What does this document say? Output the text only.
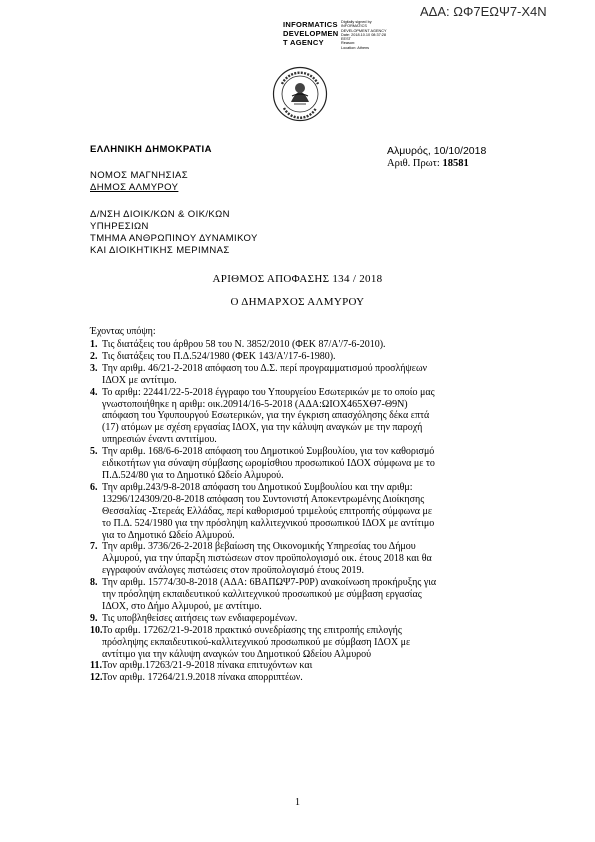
ΑΔΑ: ΩΦ7ΕΩΨ7-Χ4Ν
INFORMATICS
DEVELOPMEN
T AGENCY
Digitally signed by
INFORMATICS
DEVELOPMENT AGENCY
Date: 2018.10.10 08:37:28
EEST
Reason:
Location: Athens
ΕΛΛΗΝΙΚΗ ΔΗΜΟΚΡΑΤΙΑ	Αλμυρός, 10/10/2018
Αριθ. Πρωτ: 18581
ΝΟΜΟΣ ΜΑΓΝΗΣΙΑΣ
ΔΗΜΟΣ ΑΛΜΥΡΟΥ
Δ/ΝΣΗ ΔΙΟΙΚ/ΚΩΝ & ΟΙΚ/ΚΩΝ
ΥΠΗΡΕΣΙΩΝ
ΤΜΗΜΑ ΑΝΘΡΩΠΙΝΟΥ ΔΥΝΑΜΙΚΟΥ
ΚΑΙ ΔΙΟΙΚΗΤΙΚΗΣ ΜΕΡΙΜΝΑΣ
ΑΡΙΘΜΟΣ ΑΠΟΦΑΣΗΣ 134 / 2018
Ο ΔΗΜΑΡΧΟΣ ΑΛΜΥΡΟΥ
Έχοντας υπόψη:
1. Τις διατάξεις του άρθρου 58 του Ν. 3852/2010 (ΦΕΚ 87/Α'/7-6-2010).
2. Τις διατάξεις του Π.Δ.524/1980 (ΦΕΚ 143/Α'/17-6-1980).
3. Την αριθμ. 46/21-2-2018 απόφαση του Δ.Σ. περί προγραμματισμού προσλήψεων
ΙΔΟΧ με αντίτιμο.
4. Το αριθμ: 22441/22-5-2018 έγγραφο του Υπουργείου Εσωτερικών με το οποίο μας
γνωστοποιήθηκε η αριθμ: οικ.20914/16-5-2018 (ΑΔΑ:ΩΙΟΧ465ΧΘ7-Θ9Ν)
απόφαση του Υφυπουργού Εσωτερικών, για την έγκριση απασχόλησης δέκα επτά
(17) ατόμων με σχέση εργασίας ΙΔΟΧ, για την κάλυψη αναγκών με την παροχή
υπηρεσιών έναντι αντιτίμου.
5. Την αριθμ. 168/6-6-2018 απόφαση του Δημοτικού Συμβουλίου, για τον καθορισμό
ειδικοτήτων για σύναψη σύμβασης ωρομίσθιου προσωπικού ΙΔΟΧ σύμφωνα με το
Π.Δ.524/80 για το Δημοτικό Ωδείο Αλμυρού.
6. Την αριθμ.243/9-8-2018 απόφαση του Δημοτικού Συμβουλίου και την αριθμ:
13296/124309/20-8-2018 απόφαση του Συντονιστή Αποκεντρωμένης Διοίκησης
Θεσσαλίας -Στερεάς Ελλάδας, περί καθορισμού τριμελούς επιτροπής σύμφωνα με
το Π.Δ. 524/1980 για την πρόσληψη καλλιτεχνικού προσωπικού ΙΔΟΧ με αντίτιμο
για το Δημοτικό Ωδείο Αλμυρού.
7. Την αριθμ. 3736/26-2-2018 βεβαίωση της Οικονομικής Υπηρεσίας του Δήμου
Αλμυρού, για την ύπαρξη πιστώσεων στον προϋπολογισμό οικ. έτους 2018 και θα
εγγραφούν ανάλογες πιστώσεις στον προϋπολογισμό έτους 2019.
8. Την αριθμ. 15774/30-8-2018 (ΑΔΑ: 6ΒΑΠΩΨ7-Ρ0Ρ) ανακοίνωση προκήρυξης για
την πρόσληψη εκπαιδευτικού καλλιτεχνικού προσωπικού με σύμβαση εργασίας
ΙΔΟΧ, στο Δήμο Αλμυρού, με αντίτιμο.
9. Τις υποβληθείσες αιτήσεις των ενδιαφερομένων.
10. Το αριθμ. 17262/21-9-2018 πρακτικό συνεδρίασης της επιτροπής επιλογής
πρόσληψης εκπαιδευτικού-καλλιτεχνικού προσωπικού με σύμβαση ΙΔΟΧ με
αντίτιμο για την κάλυψη αναγκών του Δημοτικού Ωδείου Αλμυρού
11. Τον αριθμ.17263/21-9-2018 πίνακα επιτυχόντων και
12. Τον αριθμ. 17264/21.9.2018 πίνακα απορριπτέων.
1
